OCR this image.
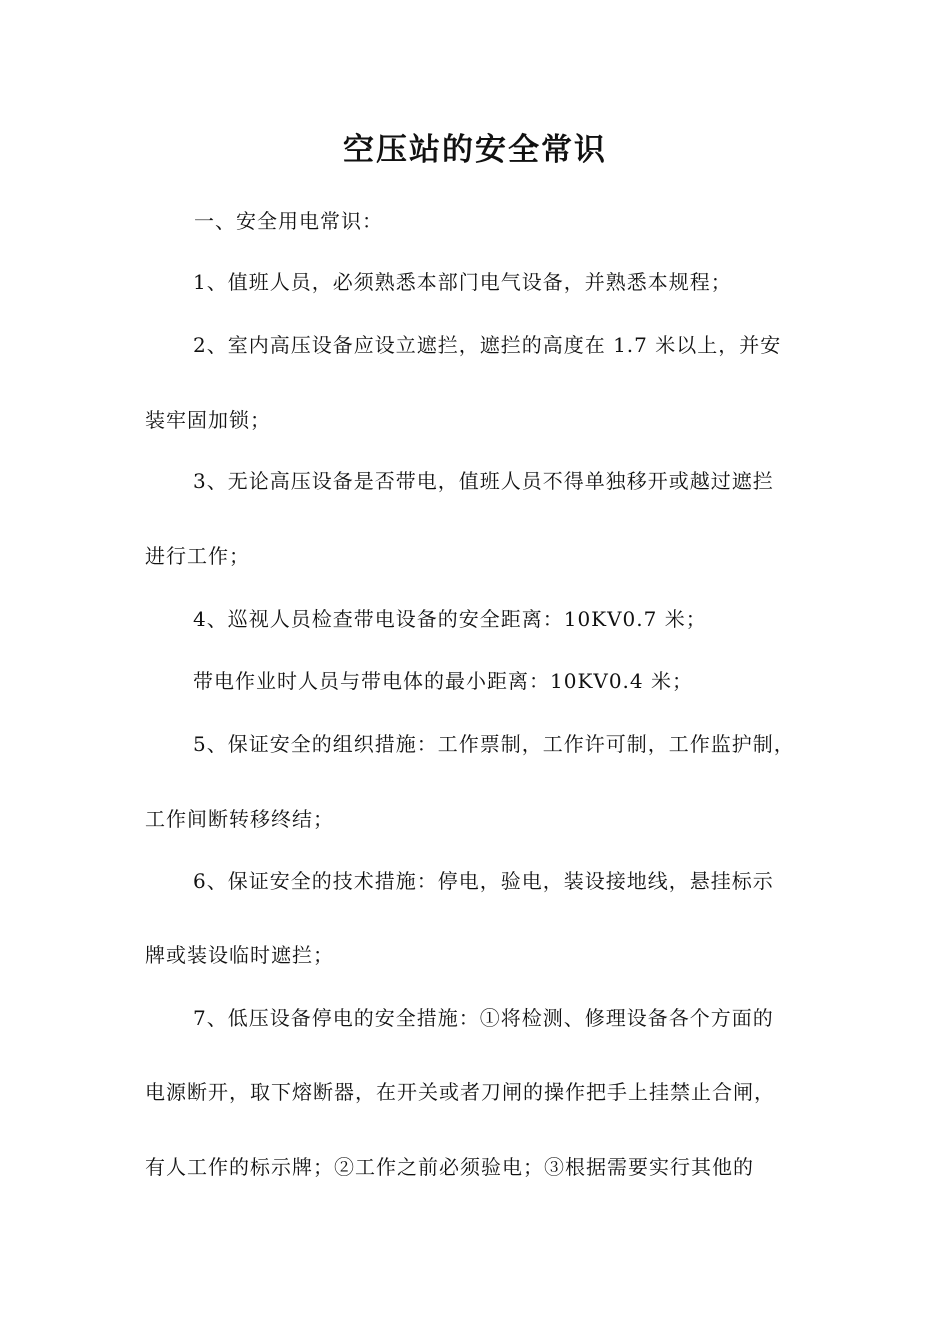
空压站的安全常识
一、安全用电常识：
1、值班人员，必须熟悉本部门电气设备，并熟悉本规程；
2、室内高压设备应设立遮拦，遮拦的高度在 1.7 米以上，并安
装牢固加锁；
3、无论高压设备是否带电，值班人员不得单独移开或越过遮拦
进行工作；
4、巡视人员检查带电设备的安全距离：10KV0.7 米；
带电作业时人员与带电体的最小距离：10KV0.4 米；
5、保证安全的组织措施：工作票制，工作许可制，工作监护制，
工作间断转移终结；
6、保证安全的技术措施：停电，验电，装设接地线，悬挂标示
牌或装设临时遮拦；
7、低压设备停电的安全措施：①将检测、修理设备各个方面的
电源断开，取下熔断器，在开关或者刀闸的操作把手上挂禁止合闸，
有人工作的标示牌；②工作之前必须验电；③根据需要实行其他的
